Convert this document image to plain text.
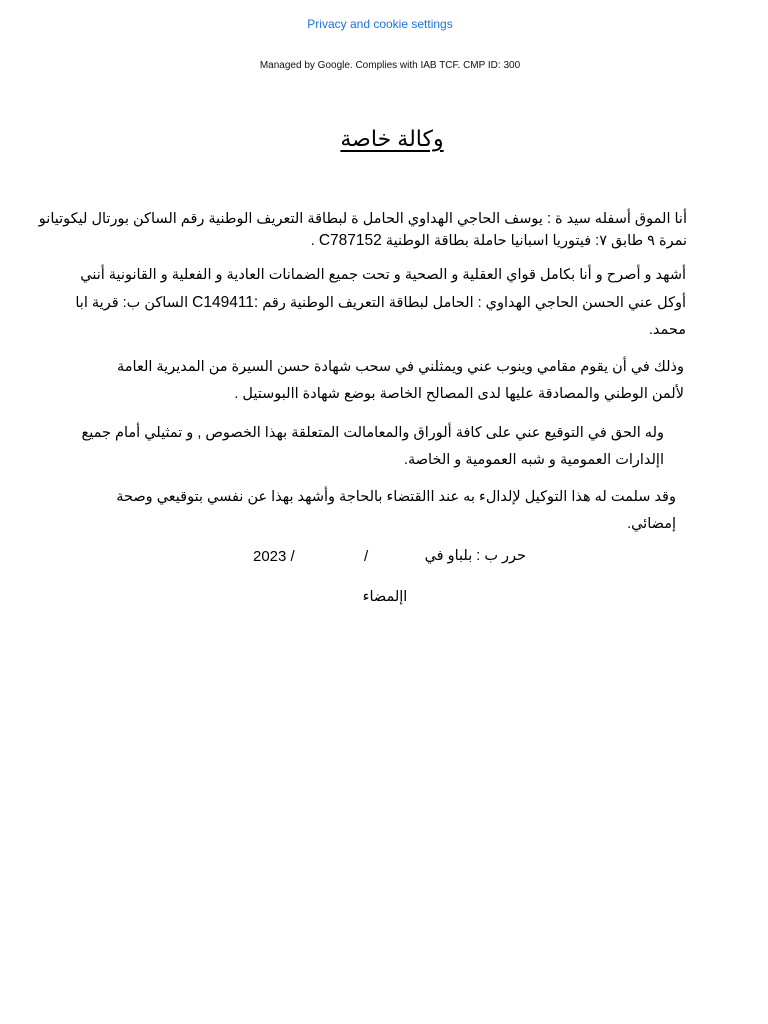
Privacy and cookie settings
Managed by Google. Complies with IAB TCF. CMP ID: 300
وكالة خاصة

أنا الموق أسفله سيد ة : يوسف الحاجي الهداوي الحامل ة لبطاقة التعريف الوطنية رقم الساكن بورتال ليكوتيانو نمرة ٩ طابق ٧: فيتوريا اسبانيا حاملة بطاقة الوطنية C787152 .

أشهد و أصرح و أنا بكامل قواي العقلية و الصحية و تحت جميع الضمانات العادية و الفعلية و القانونية أنني أوكل عني الحسن الحاجي الهداوي : الحامل لبطاقة التعريف الوطنية رقم C149411: الساكن ب: قرية ابا محمد.

وذلك في أن يقوم مقامي وينوب عني ويمثلني في سحب شهادة حسن السيرة من المديرية العامة لألمن الوطني والمصادقة عليها لدى المصالح الخاصة بوضع شهادة االبوستيل .

وله الحق في التوقيع عني على كافة ألوراق والمعامالت المتعلقة بهذا الخصوص , و تمثيلي أمام جميع اإلدارات العمومية و شبه العمومية و الخاصة.

وقد سلمت له هذا التوكيل لإلدالء به عند االقتضاء بالحاجة وأشهد بهذا عن نفسي بتوقيعي وصحة إمضائي.

حرر ب : بلباو في
/
2023 /
اإلمضاء
